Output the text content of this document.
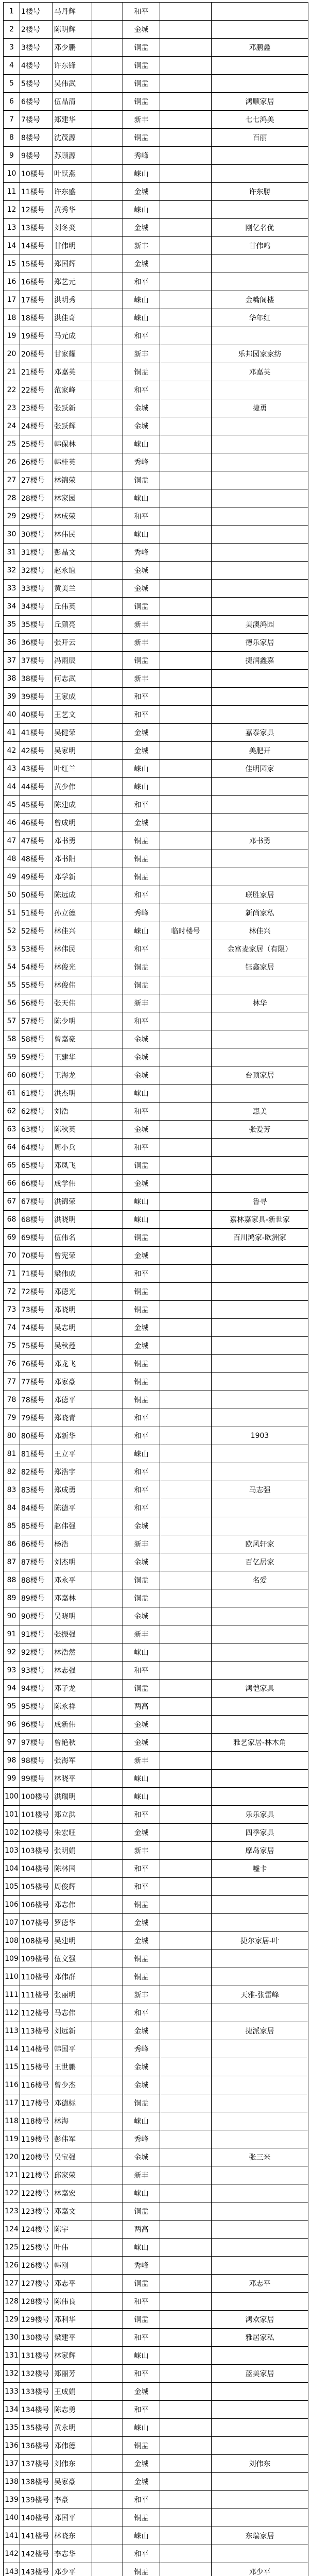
1	1楼号	马丹辉		和平		
2	2楼号	陈明辉		金城		
3	3楼号	邓少鹏		铜盂		邓鹏鑫
4	4楼号	许东锋		铜盂		
5	5楼号	吴伟武		铜盂		
6	6楼号	伍晶清		铜盂		鸿顺家居
7	7楼号	郑建华		新丰		七七鸿美
8	8楼号	沈茂源		铜盂		百丽
9	9楼号	苏顾源		秀峰		
10	10楼号	叶跃燕		崃山		
11	11楼号	许东盛		金城		许东勝
12	12楼号	黄秀华		崃山		
13	13楼号	刘冬炎		金城		刚亿名优
14	14楼号	甘伟明		新丰		甘伟鸣
15	15楼号	郑国辉		金城		
16	16楼号	郑艺元		和平		
17	17楼号	洪明秀		崃山		金嘴阁楼
18	18楼号	洪佳奇		崃山		华年红
19	19楼号	马元成		和平		
20	20楼号	甘家耀		新丰		乐邦园家家纺
21	21楼号	邓嘉英		铜盂		邓嘉英
22	22楼号	范家峰		和平		
23	23楼号	张跃新		金城		捷勇
24	24楼号	张跃辉		金城		
25	25楼号	韩保林		崃山		
26	26楼号	韩桂英		秀峰		
27	27楼号	林锦荣		铜盂		
28	28楼号	林家园		崃山		
29	29楼号	林成荣		和平		
30	30楼号	林伟民		崃山		
31	31楼号	彭晶文		秀峰		
32	32楼号	赵永谊		金城		
33	33楼号	黄美兰		金城		
34	34楼号	丘伟英		铜盂		
35	35楼号	丘颜亮		新丰		美澳鸿园
36	36楼号	张开云		新丰		德乐家居
37	37楼号	冯雨辰		铜盂		捷润鑫嘉
38	38楼号	何志武		新丰		
39	39楼号	王家成		和平		
40	40楼号	王艺文		和平		
41	41楼号	吴健荣		金城		嘉泰家具
42	42楼号	吴家明		金城		美肥开
43	43楼号	叶红兰		崃山		佳明园家
44	44楼号	黄少伟		崃山		
45	45楼号	陈建成		和平		
46	46楼号	曾成明		金城		
47	47楼号	邓书勇		铜盂		邓书勇
48	48楼号	邓书阳		铜盂		
49	49楼号	邓学新		铜盂		
50	50楼号	陈远成		和平		联胜家居
51	51楼号	孙立德		秀峰		新尚家私
52	52楼号	林佳兴		崃山	临时楼号	林佳兴
53	53楼号	林伟民		和平		金富麦家居（有限）
54	54楼号	林俊光		铜盂		钰鑫家居
55	55楼号	林俊伟		铜盂		
56	56楼号	张天伟		新丰		林华
57	57楼号	陈少明		和平		
58	58楼号	曾嘉豪		金城		
59	59楼号	王建华		金城		
60	60楼号	王海龙		金城		台顶家居
61	61楼号	洪杰明		崃山		
62	62楼号	刘浩		和平		惠美
63	63楼号	陈秋英		金城		张爱芳
64	64楼号	周小兵		和平		
65	65楼号	邓凤飞		铜盂		
66	66楼号	成学伟		金城		
67	67楼号	洪锦荣		崃山		鲁寻
68	68楼号	洪晓明		崃山		嘉林嘉家具-新世家
69	69楼号	伍伟名		铜盂		百川鸿家-欧洲家
70	70楼号	曾宪荣		金城		
71	71楼号	梁伟成		和平		
72	72楼号	邓德光		铜盂		
73	73楼号	邓晓明		铜盂		
74	74楼号	吴志明		金城		
75	75楼号	吴秋莲		金城		
76	76楼号	邓龙飞		铜盂		
77	77楼号	邓家豪		铜盂		
78	78楼号	邓德平		铜盂		
79	79楼号	郑晓青		和平		
80	80楼号	邓新华		和平		1903
81	81楼号	王立平		崃山		
82	82楼号	郑浩宇		和平		
83	83楼号	郑成勇		和平		马志强
84	84楼号	陈德平		和平		
85	85楼号	赵伟强		金城		
86	86楼号	杨浩		新丰		欧风轩家
87	87楼号	刘杰明		金城		百亿居家
88	88楼号	邓永平		铜盂		名爱
89	89楼号	邓嘉林		铜盂		
90	90楼号	吴晓明		金城		
91	91楼号	张振强		新丰		
92	92楼号	林浩然		崃山		
93	93楼号	林志强		和平		
94	94楼号	邓子龙		铜盂		鸿恺家具
95	95楼号	陈永祥		两高		
96	96楼号	成新伟		金城		
97	97楼号	曾艳秋		金城		雅艺家居-林木角
98	98楼号	张海军		新丰		
99	99楼号	林晓平		崃山		
100	100楼号	洪瑞明		崃山		
101	101楼号	郑立洪		和平		乐乐家具
102	102楼号	朱宏旺		金城		四季家具
103	103楼号	张明娟		新丰		摩岛家居
104	104楼号	陈林国		和平		嘘卡
105	105楼号	周俊辉		和平		
106	106楼号	邓志伟		铜盂		
107	107楼号	罗德华		金城		
108	108楼号	吴建明		金城		捷尔家居-叶
109	109楼号	伍文强		铜盂		
110	110楼号	邓伟群		铜盂		
111	111楼号	张丽明		新丰		天雅-张雷峰
112	112楼号	马志伟		和平		
113	113楼号	刘远新		金城		捷派家居
114	114楼号	韩国平		秀峰		
115	115楼号	王世鹏		金城		
116	116楼号	曾少杰		金城		
117	117楼号	邓德标		铜盂		
118	118楼号	林海		崃山		
119	119楼号	彭伟军		秀峰		
120	120楼号	吴宝强		金城		张三米
121	121楼号	邱家荣		新丰		
122	122楼号	林嘉宏		崃山		
123	123楼号	邓嘉文		铜盂		
124	124楼号	陈宇		两高		
125	125楼号	叶伟		崃山		
126	126楼号	韩刚		秀峰		
127	127楼号	邓志平		铜盂		邓志平
128	128楼号	陈伟良		和平		
129	129楼号	邓利华		铜盂		鸿欢家居
130	130楼号	梁建平		和平		雅居家私
131	131楼号	林家辉		崃山		
132	132楼号	郑丽芳		和平		蓝美家居
133	133楼号	王成娟		金城		
134	134楼号	陈志勇		和平		
135	135楼号	黄永明		崃山		
136	136楼号	邓伟德		铜盂		
137	137楼号	刘伟东		金城		刘伟东
138	138楼号	吴家豪		金城		
139	139楼号	李豪		和平		
140	140楼号	邓国平		铜盂		
141	141楼号	林晓东		崃山		东瑞家居
142	142楼号	李志华		和平		
143	143楼号	邓少平		铜盂		邓少平
